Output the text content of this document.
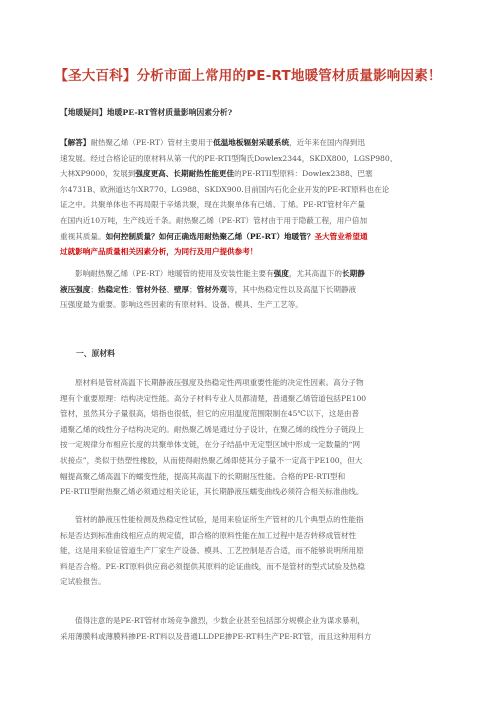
【圣大百科】分析市面上常用的PE-RT地暖管材质量影响因素！
【地暖疑问】地暖PE-RT管材质量影响因素分析?
【解答】耐热聚乙烯（PE-RT）管材主要用于低温地板辐射采暖系统，近年来在国内得到迅
速发展。经过合格论证的原材料从第一代的PE-RTI型陶氏Dowlex2344，SKDX800，LGSP980、
大林XP9000，发展到强度更高、长期耐热性能更佳的PE-RTII型原料：Dowlex2388、巴塞
尔4731B、欧洲道达尔XR770、LG988、SKDX900.目前国内石化企业开发的PE-RT原料也在论
证之中。共聚单体也不再局限于辛烯共聚，现在共聚单体有已烯、丁烯。PE-RT管材年产量
在国内近10万吨，生产线近千条。耐热聚乙烯（PE-RT）管材由于用于隐蔽工程，用户倍加
重视其质量。如何控制质量？如何正确选用耐热聚乙烯（PE-RT）地暖管？圣大管业希望通
过就影响产品质量相关因素分析，为同行及用户提供参考！
影响耐热聚乙烯（PE-RT）地暖管的使用及安装性能主要有强度，尤其高温下的长期静
液压强度；热稳定性；管材外径、壁厚；管材外观等，其中热稳定性以及高温下长期静液
压强度最为重要。影响这些因素的有原材料、设备、模具、生产工艺等。
一、原材料
原材料是管材高温下长期静液压强度及热稳定性两项重要性能的决定性因素。高分子物
理有个重要原理：结构决定性能。高分子材料专业人员都清楚，普通聚乙烯管道包括PE100
管材，虽然其分子量很高，熔指也很低，但它的应用温度范围限制在45℃以下，这是由普
通聚乙烯的线性分子结构决定的。耐热聚乙烯是通过分子设计，在聚乙烯的线性分子链段上
按一定规律分布相应长度的共聚单体支链，在分子结晶中无定型区域中形成一定数量的“网
状接点”，类似于热塑性橡胶，从而使得耐热聚乙烯即使其分子量不一定高于PE100，但大
幅提高聚乙烯高温下的蠕变性能，提高其高温下的长期耐压性能。合格的PE-RTI型和
PE-RTII型耐热聚乙烯必须通过相关论证，其长期静液压蠕变曲线必须符合相关标准曲线。
管材的静液压性能检测及热稳定性试验，是用来验证所生产管材的几个典型点的性能指
标是否达到标准曲线相应点的规定值，即合格的原料性能在加工过程中是否转移成管材性
能，这是用来验证管道生产厂家生产设备、模具、工艺控制是否合适，而不能够说明所用原
料是否合格。PE-RT原料供应商必须提供其原料的论证曲线，而不是管材的型式试验及热稳
定试验报告。
值得注意的是PE-RT管材市场竞争激烈，少数企业甚至包括部分规模企业为谋求暴利，
采用薄膜料或薄膜料掺PE-RT料以及普通LLDPE掺PE-RT料生产PE-RT管，而且这种用料方
